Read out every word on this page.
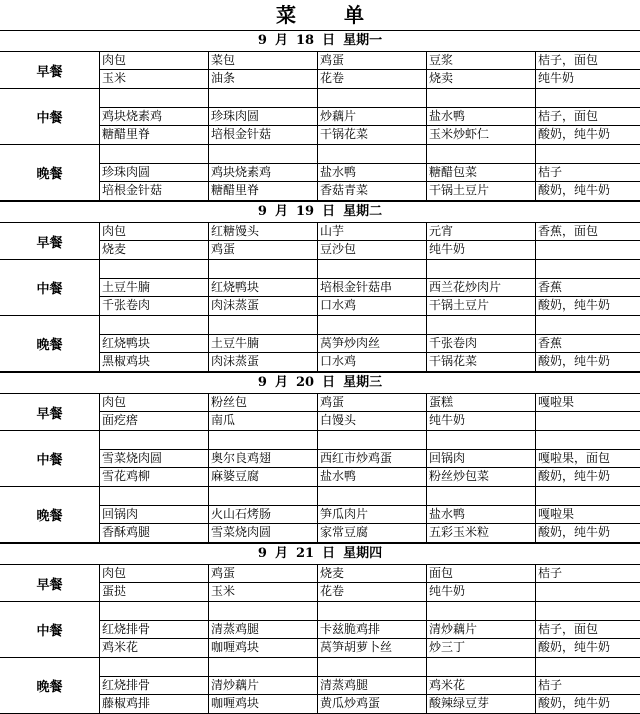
菜 单
9 月 18 日 星期一
早餐
肉包	菜包	鸡蛋	豆浆	桔子，面包
玉米	油条	花卷	烧卖	纯牛奶
中餐	鸡块烧素鸡	珍珠肉圆	炒藕片	盐水鸭	桔子，面包
糖醋里脊	培根金针菇	干锅花菜	玉米炒虾仁	酸奶，纯牛奶
晚餐	珍珠肉圆	鸡块烧素鸡	盐水鸭	糖醋包菜	桔子
培根金针菇	糖醋里脊	香菇青菜	干锅土豆片	酸奶，纯牛奶
9 月 19 日 星期二
早餐
肉包	红糖馒头	山芋	元宵	香蕉，面包
烧麦	鸡蛋	豆沙包	纯牛奶
中餐	土豆牛腩	红烧鸭块	培根金针菇串	西兰花炒肉片	香蕉
千张卷肉	肉沫蒸蛋	口水鸡	干锅土豆片	酸奶，纯牛奶
晚餐	红烧鸭块	土豆牛腩	莴笋炒肉丝	千张卷肉	香蕉
黑椒鸡块	肉沫蒸蛋	口水鸡	干锅花菜	酸奶，纯牛奶
9 月 20 日 星期三
早餐
肉包	粉丝包	鸡蛋	蛋糕	嘎啦果
面疙瘩	南瓜	白馒头	纯牛奶
中餐	雪菜烧肉圆	奥尔良鸡翅	西红市炒鸡蛋	回锅肉	嘎啦果，面包
雪花鸡柳	麻婆豆腐	盐水鸭	粉丝炒包菜	酸奶，纯牛奶
晚餐	回锅肉	火山石烤肠	笋瓜肉片	盐水鸭	嘎啦果
香酥鸡腿	雪菜烧肉圆	家常豆腐	五彩玉米粒	酸奶，纯牛奶
9 月 21 日 星期四
早餐
肉包	鸡蛋	烧麦	面包	桔子
蛋挞	玉米	花卷	纯牛奶
中餐	红烧排骨	清蒸鸡腿	卡兹脆鸡排	清炒藕片	桔子，面包
鸡米花	咖喱鸡块	莴笋胡萝卜丝	炒三丁	酸奶，纯牛奶
晚餐	红烧排骨	清炒藕片	清蒸鸡腿	鸡米花	桔子
藤椒鸡排	咖喱鸡块	黄瓜炒鸡蛋	酸辣绿豆芽	酸奶，纯牛奶
